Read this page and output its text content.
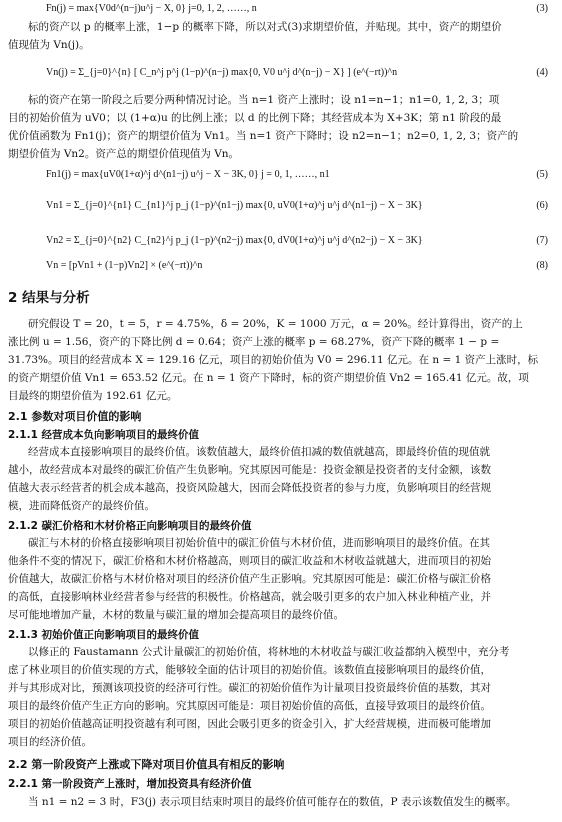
Fn(j) = max{V0d^(n−j)u^j − X, 0} j=0, 1, 2, ……, n	(3)
标的资产以 p 的概率上涨，1−p 的概率下降，所以对式(3)求期望价值，并贴现。其中，资产的期望价
值现值为 Vn(j)。
Vn(j) = Σ_{j=0}^{n} [ C_n^j p^j (1−p)^(n−j) max{0, V0 u^j d^(n−j) − X} ] (e^(−rt))^n	(4)
标的资产在第一阶段之后要分两种情况讨论。当 n=1 资产上涨时；设 n1=n−1；n1=0, 1, 2, 3；项
目的初始价值为 uV0；以 (1+α)u 的比例上涨；以 d 的比例下降；其经营成本为 X+3K；第 n1 阶段的最
优价值函数为 Fn1(j)；资产的期望价值为 Vn1。当 n=1 资产下降时；设 n2=n−1；n2=0, 1, 2, 3；资产的
期望价值为 Vn2。资产总的期望价值现值为 Vn。
Fn1(j) = max{uV0(1+α)^j d^(n1−j) u^j − X − 3K, 0} j = 0, 1, ……, n1	(5)
Vn1 = Σ_{j=0}^{n1} C_{n1}^j p_j (1−p)^(n1−j) max{0, uV0(1+α)^j u^j d^(n1−j) − X − 3K}	(6)
Vn2 = Σ_{j=0}^{n2} C_{n2}^j p_j (1−p)^(n2−j) max{0, dV0(1+α)^j u^j d^(n2−j) − X − 3K}	(7)
Vn = [pVn1 + (1−p)Vn2] × (e^(−rt))^n	(8)
2 结果与分析
研究假设 T = 20，t = 5，r = 4.75%，δ = 20%，K = 1000 万元，α = 20%。经计算得出，资产的上
涨比例 u = 1.56，资产的下降比例 d = 0.64；资产上涨的概率 p = 68.27%，资产下降的概率 1 − p =
31.73%。项目的经营成本 X = 129.16 亿元，项目的初始价值为 V0 = 296.11 亿元。在 n = 1 资产上涨时，标
的资产期望价值 Vn1 = 653.52 亿元。在 n = 1 资产下降时，标的资产期望价值 Vn2 = 165.41 亿元。故，项
目最终的期望价值为 192.61 亿元。
2.1 参数对项目价值的影响
2.1.1 经营成本负向影响项目的最终价值
经营成本直接影响项目的最终价值。该数值越大，最终价值扣减的数值就越高，即最终价值的现值就
越小，故经营成本对最终的碳汇价值产生负影响。究其原因可能是：投资金额是投资者的支付金额，该数
值越大表示经营者的机会成本越高，投资风险越大，因而会降低投资者的参与力度，负影响项目的经营规
模，进而降低资产的最终价值。
2.1.2 碳汇价格和木材价格正向影响项目的最终价值
碳汇与木材的价格直接影响项目初始价值中的碳汇价值与木材价值，进而影响项目的最终价值。在其
他条件不变的情况下，碳汇价格和木材价格越高，则项目的碳汇收益和木材收益就越大，进而项目的初始
价值越大，故碳汇价格与木材价格对项目的经济价值产生正影响。究其原因可能是：碳汇价格与碳汇价格
的高低，直接影响林业经营者参与经营的积极性。价格越高，就会吸引更多的农户加入林业种植产业，并
尽可能地增加产量，木材的数量与碳汇量的增加会提高项目的最终价值。
2.1.3 初始价值正向影响项目的最终价值
以修正的 Faustamann 公式计量碳汇的初始价值，将林地的木材收益与碳汇收益都纳入模型中，充分考
虑了林业项目的价值实现的方式，能够较全面的估计项目的初始价值。该数值直接影响项目的最终价值，
并与其形成对比，预测该项投资的经济可行性。碳汇的初始价值作为计量项目投资最终价值的基数，其对
项目的最终价值产生正方向的影响。究其原因可能是：项目初始价值的高低，直接导致项目的最终价值。
项目的初始价值越高证明投资越有利可图，因此会吸引更多的资金引入，扩大经营规模，进而极可能增加
项目的经济价值。
2.2 第一阶段资产上涨或下降对项目价值具有相反的影响
2.2.1 第一阶段资产上涨时，增加投资具有经济价值
当 n1 = n2 = 3 时，F3(j) 表示项目结束时项目的最终价值可能存在的数值，P 表示该数值发生的概率。
